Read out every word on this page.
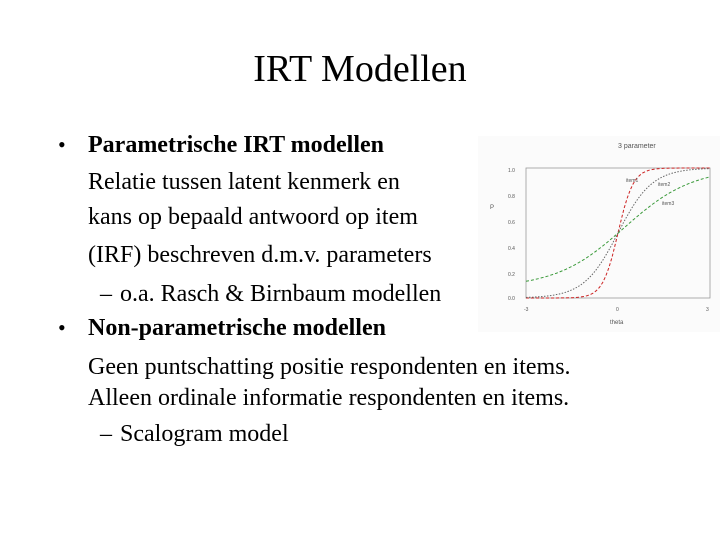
IRT Modellen
• Parametrische IRT modellen
Relatie tussen latent kenmerk en
kans op bepaald antwoord op item
(IRF) beschreven d.m.v. parameters
– o.a. Rasch & Birnbaum modellen
• Non-parametrische modellen
Geen puntschatting positie respondenten en items.
Alleen ordinale informatie respondenten en items.
– Scalogram model
3 parameter
P
1.0
0.8
0.6
0.4
0.2
0.0
-3	0	3
theta
item1
item2
item3
